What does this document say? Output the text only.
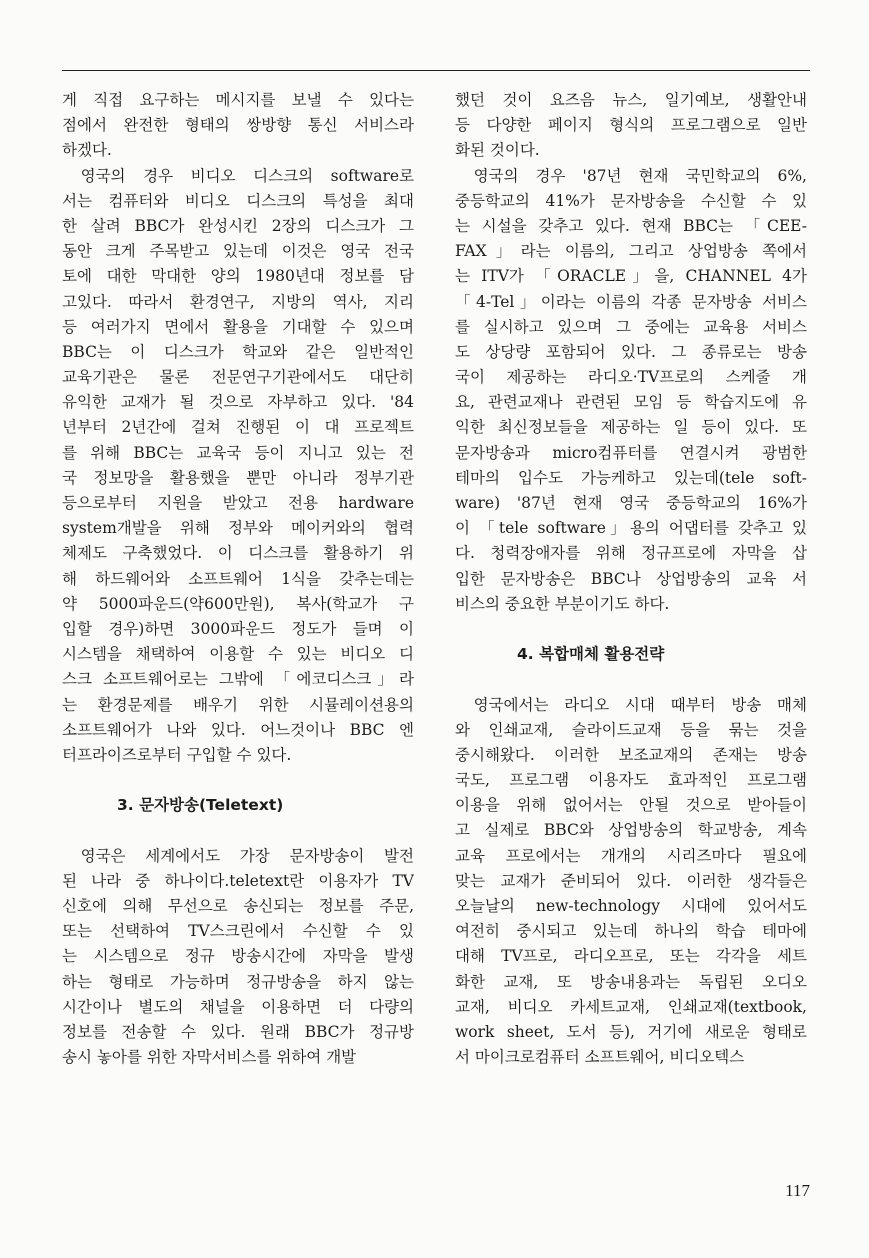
게 직접 요구하는 메시지를 보낼 수 있다는
점에서 완전한 형태의 쌍방향 통신 서비스라
하겠다.
영국의 경우 비디오 디스크의 software로
서는 컴퓨터와 비디오 디스크의 특성을 최대
한 살려 BBC가 완성시킨 2장의 디스크가 그
동안 크게 주목받고 있는데 이것은 영국 전국
토에 대한 막대한 양의 1980년대 정보를 담
고있다. 따라서 환경연구, 지방의 역사, 지리
등 여러가지 면에서 활용을 기대할 수 있으며
BBC는 이 디스크가 학교와 같은 일반적인
교육기관은 물론 전문연구기관에서도 대단히
유익한 교재가 될 것으로 자부하고 있다. '84
년부터 2년간에 걸쳐 진행된 이 대 프로젝트
를 위해 BBC는 교육국 등이 지니고 있는 전
국 정보망을 활용했을 뿐만 아니라 정부기관
등으로부터 지원을 받았고 전용 hardware
system개발을 위해 정부와 메이커와의 협력
체제도 구축했었다. 이 디스크를 활용하기 위
해 하드웨어와 소프트웨어 1식을 갖추는데는
약 5000파운드(약600만원), 복사(학교가 구
입할 경우)하면 3000파운드 정도가 들며 이
시스템을 채택하여 이용할 수 있는 비디오 디
스크 소프트웨어로는 그밖에 「에코디스크」라
는 환경문제를 배우기 위한 시뮬레이션용의
소프트웨어가 나와 있다. 어느것이나 BBC 엔
터프라이즈로부터 구입할 수 있다.
3. 문자방송(Teletext)
영국은 세계에서도 가장 문자방송이 발전
된 나라 중 하나이다.teletext란 이용자가 TV
신호에 의해 무선으로 송신되는 정보를 주문,
또는 선택하여 TV스크린에서 수신할 수 있
는 시스템으로 정규 방송시간에 자막을 발생
하는 형태로 가능하며 정규방송을 하지 않는
시간이나 별도의 채널을 이용하면 더 다량의
정보를 전송할 수 있다. 원래 BBC가 정규방
송시 놓아를 위한 자막서비스를 위하여 개발
했던 것이 요즈음 뉴스, 일기예보, 생활안내
등 다양한 페이지 형식의 프로그램으로 일반
화된 것이다.
영국의 경우 '87년 현재 국민학교의 6%,
중등학교의 41%가 문자방송을 수신할 수 있
는 시설을 갖추고 있다. 현재 BBC는 「CEE-
FAX」라는 이름의, 그리고 상업방송 쪽에서
는 ITV가 「ORACLE」을, CHANNEL 4가
「4-Tel」이라는 이름의 각종 문자방송 서비스
를 실시하고 있으며 그 중에는 교육용 서비스
도 상당량 포함되어 있다. 그 종류로는 방송
국이 제공하는 라디오·TV프로의 스케줄 개
요, 관련교재나 관련된 모임 등 학습지도에 유
익한 최신정보들을 제공하는 일 등이 있다. 또
문자방송과 micro컴퓨터를 연결시켜 광범한
테마의 입수도 가능케하고 있는데(tele soft-
ware) '87년 현재 영국 중등학교의 16%가
이 「tele software」용의 어댑터를 갖추고 있
다. 청력장애자를 위해 정규프로에 자막을 삽
입한 문자방송은 BBC나 상업방송의 교육 서
비스의 중요한 부분이기도 하다.
4. 복합매체 활용전략
영국에서는 라디오 시대 때부터 방송 매체
와 인쇄교재, 슬라이드교재 등을 묶는 것을
중시해왔다. 이러한 보조교재의 존재는 방송
국도, 프로그램 이용자도 효과적인 프로그램
이용을 위해 없어서는 안될 것으로 받아들이
고 실제로 BBC와 상업방송의 학교방송, 계속
교육 프로에서는 개개의 시리즈마다 필요에
맞는 교재가 준비되어 있다. 이러한 생각들은
오늘날의 new-technology 시대에 있어서도
여전히 중시되고 있는데 하나의 학습 테마에
대해 TV프로, 라디오프로, 또는 각각을 세트
화한 교재, 또 방송내용과는 독립된 오디오
교재, 비디오 카세트교재, 인쇄교재(textbook,
work sheet, 도서 등), 거기에 새로운 형태로
서 마이크로컴퓨터 소프트웨어, 비디오텍스
117
